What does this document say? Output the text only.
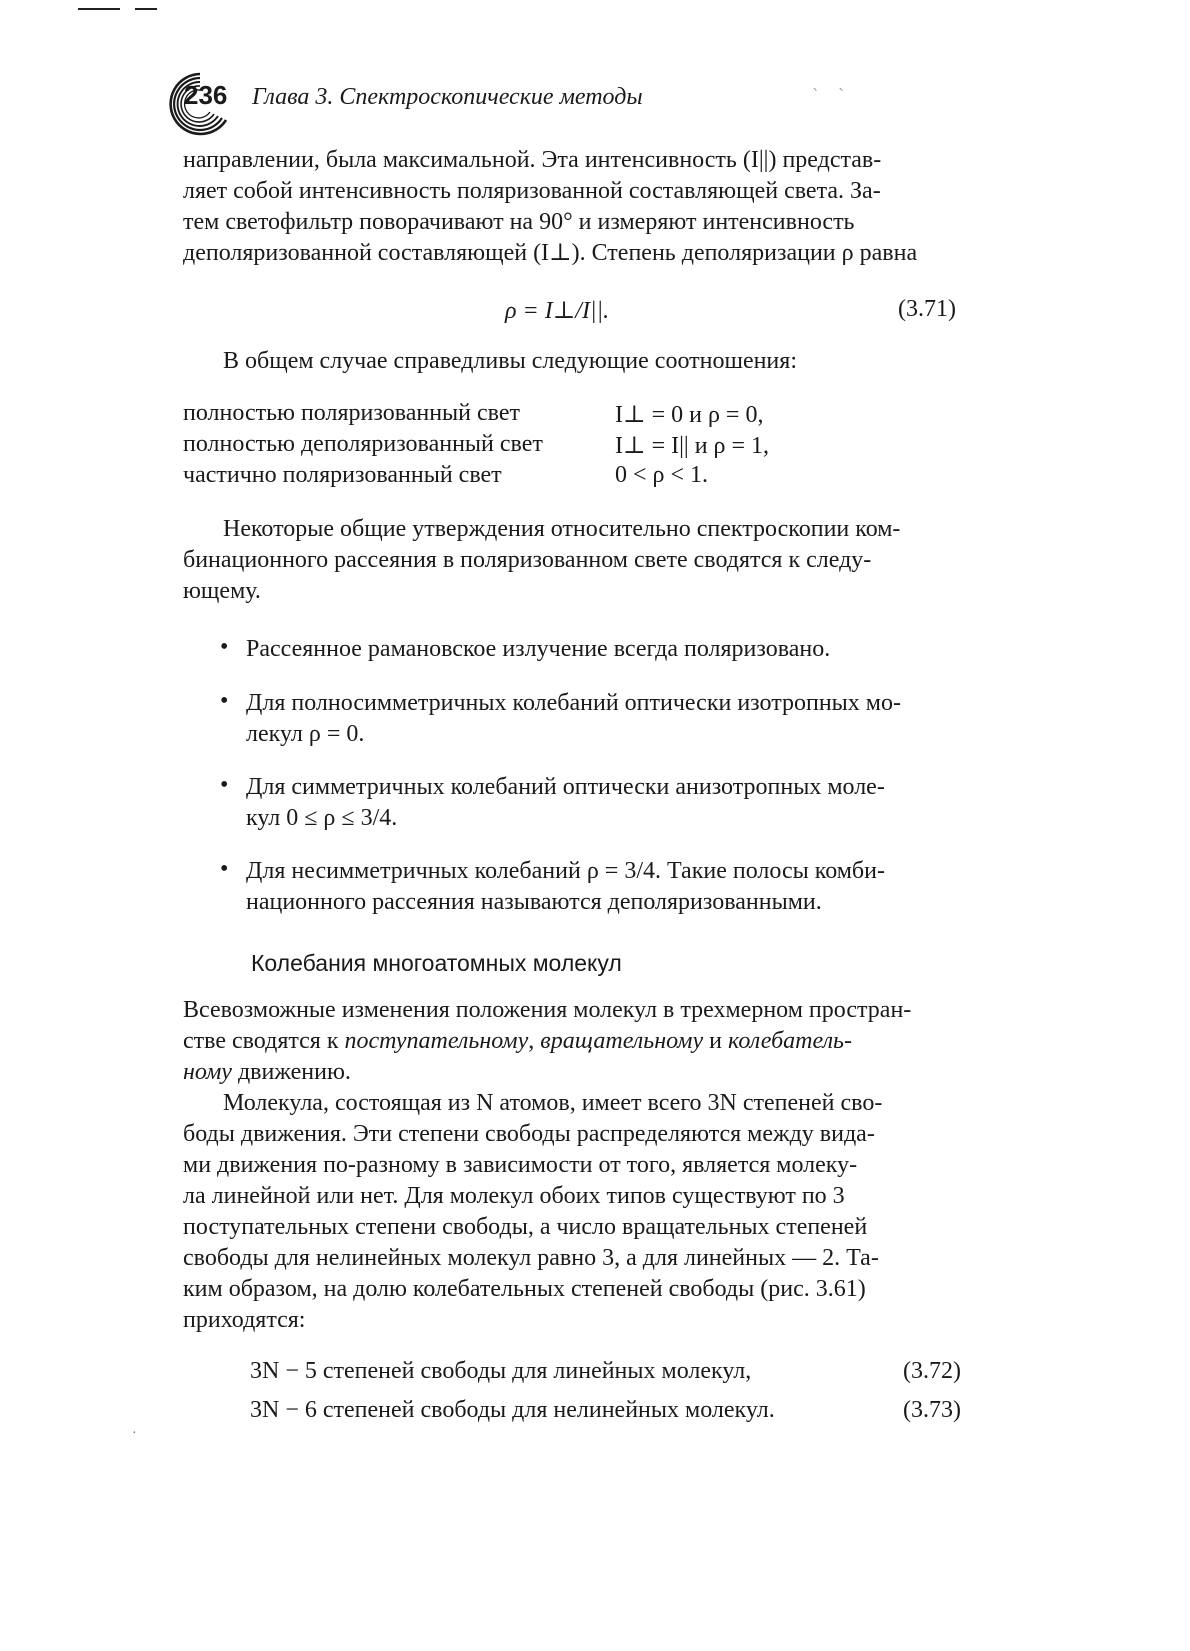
236 Глава 3. Спектроскопические методы	՝ ՝
направлении, была максимальной. Эта интенсивность (I||) представ-
ляет собой интенсивность поляризованной составляющей света. За-
тем светофильтр поворачивают на 90° и измеряют интенсивность
деполяризованной составляющей (I⊥). Степень деполяризации ρ равна
ρ = I⊥/I||.	(3.71)

В общем случае справедливы следующие соотношения:

полностью поляризованный свет	I⊥ = 0 и ρ = 0,
полностью деполяризованный свет	I⊥ = I|| и ρ = 1,
частично поляризованный свет	0 < ρ < 1.
Некоторые общие утверждения относительно спектроскопии ком-
бинационного рассеяния в поляризованном свете сводятся к следу-
ющему.
• Рассеянное рамановское излучение всегда поляризовано.
• Для полносимметричных колебаний оптически изотропных мо-
лекул ρ = 0.
• Для симметричных колебаний оптически анизотропных моле-
кул 0 ≤ ρ ≤ 3/4.
• Для несимметричных колебаний ρ = 3/4. Такие полосы комби-
национного рассеяния называются деполяризованными.
Колебания многоатомных молекул
Всевозможные изменения положения молекул в трехмерном простран-
стве сводятся к поступательному, вращательному и колебатель-
ному движению.
Молекула, состоящая из N атомов, имеет всего 3N степеней сво-
боды движения. Эти степени свободы распределяются между вида-
ми движения по-разному в зависимости от того, является молеку-
ла линейной или нет. Для молекул обоих типов существуют по 3
поступательных степени свободы, а число вращательных степеней
свободы для нелинейных молекул равно 3, а для линейных — 2. Та-
ким образом, на долю колебательных степеней свободы (рис. 3.61)
приходятся:
3N − 5 степеней свободы для линейных молекул,	(3.72)
3N − 6 степеней свободы для нелинейных молекул.	(3.73)
·
